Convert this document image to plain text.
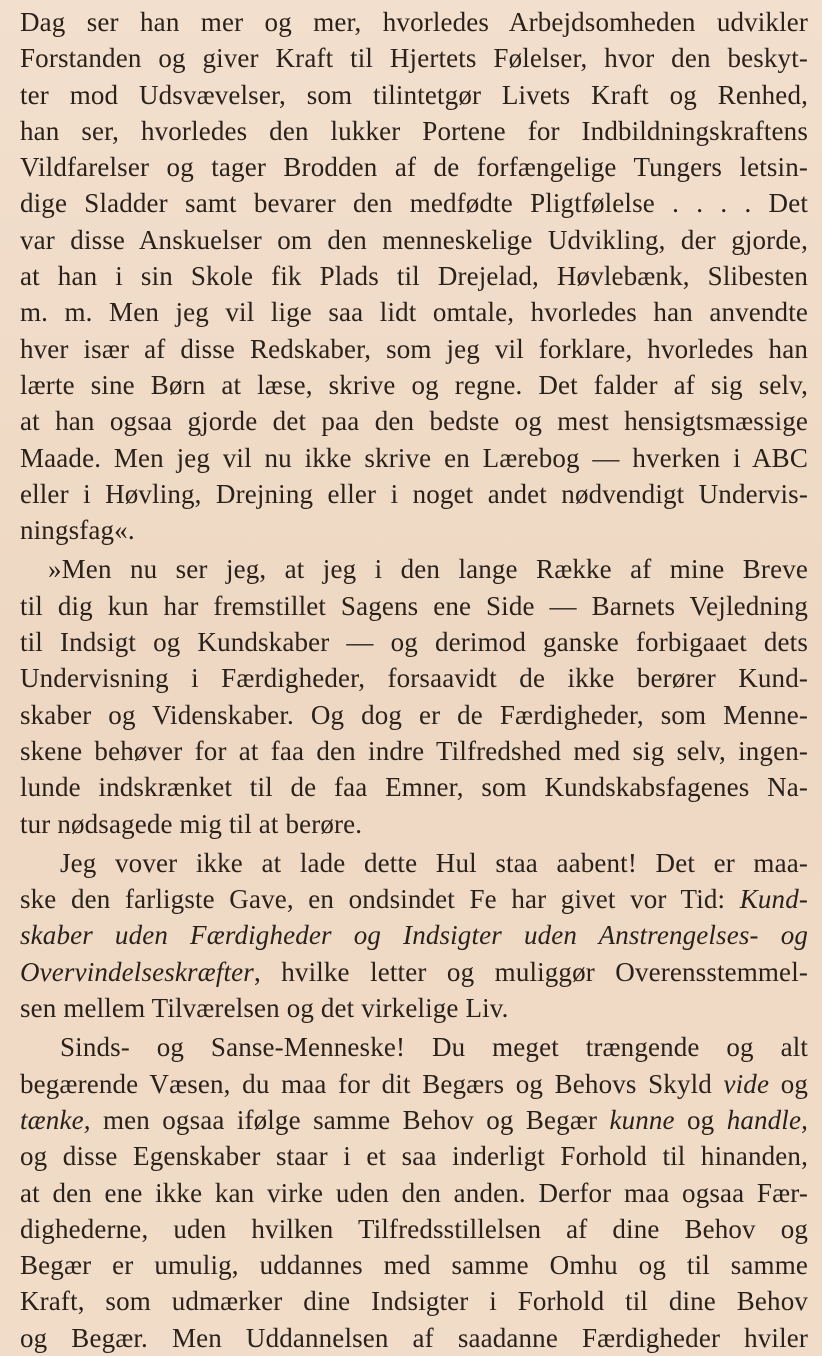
Dag ser han mer og mer, hvorledes Arbejdsomheden udvikler
Forstanden og giver Kraft til Hjertets Følelser, hvor den beskyt-
ter mod Udsvævelser, som tilintetgør Livets Kraft og Renhed,
han ser, hvorledes den lukker Portene for Indbildningskraftens
Vildfarelser og tager Brodden af de forfængelige Tungers letsin-
dige Sladder samt bevarer den medfødte Pligtfølelse . . . . Det
var disse Anskuelser om den menneskelige Udvikling, der gjorde,
at han i sin Skole fik Plads til Drejelad, Høvlebænk, Slibesten
m. m. Men jeg vil lige saa lidt omtale, hvorledes han anvendte
hver især af disse Redskaber, som jeg vil forklare, hvorledes han
lærte sine Børn at læse, skrive og regne. Det falder af sig selv,
at han ogsaa gjorde det paa den bedste og mest hensigtsmæssige
Maade. Men jeg vil nu ikke skrive en Lærebog — hverken i ABC
eller i Høvling, Drejning eller i noget andet nødvendigt Undervis-
ningsfag«.

»Men nu ser jeg, at jeg i den lange Række af mine Breve
til dig kun har fremstillet Sagens ene Side — Barnets Vejledning
til Indsigt og Kundskaber — og derimod ganske forbigaaet dets
Undervisning i Færdigheder, forsaavidt de ikke berører Kund-
skaber og Videnskaber. Og dog er de Færdigheder, som Menne-
skene behøver for at faa den indre Tilfredshed med sig selv, ingen-
lunde indskrænket til de faa Emner, som Kundskabsfagenes Na-
tur nødsagede mig til at berøre.

Jeg vover ikke at lade dette Hul staa aabent! Det er maa-
ske den farligste Gave, en ondsindet Fe har givet vor Tid: Kund-
skaber uden Færdigheder og Indsigter uden Anstrengelses- og
Overvindelseskræfter, hvilke letter og muliggør Overensstemmel-
sen mellem Tilværelsen og det virkelige Liv.

Sinds- og Sanse-Menneske! Du meget trængende og alt
begærende Væsen, du maa for dit Begærs og Behovs Skyld vide og
tænke, men ogsaa ifølge samme Behov og Begær kunne og handle,
og disse Egenskaber staar i et saa inderligt Forhold til hinanden,
at den ene ikke kan virke uden den anden. Derfor maa ogsaa Fær-
dighederne, uden hvilken Tilfredsstillelsen af dine Behov og
Begær er umulig, uddannes med samme Omhu og til samme
Kraft, som udmærker dine Indsigter i Forhold til dine Behov
og Begær. Men Uddannelsen af saadanne Færdigheder hviler
